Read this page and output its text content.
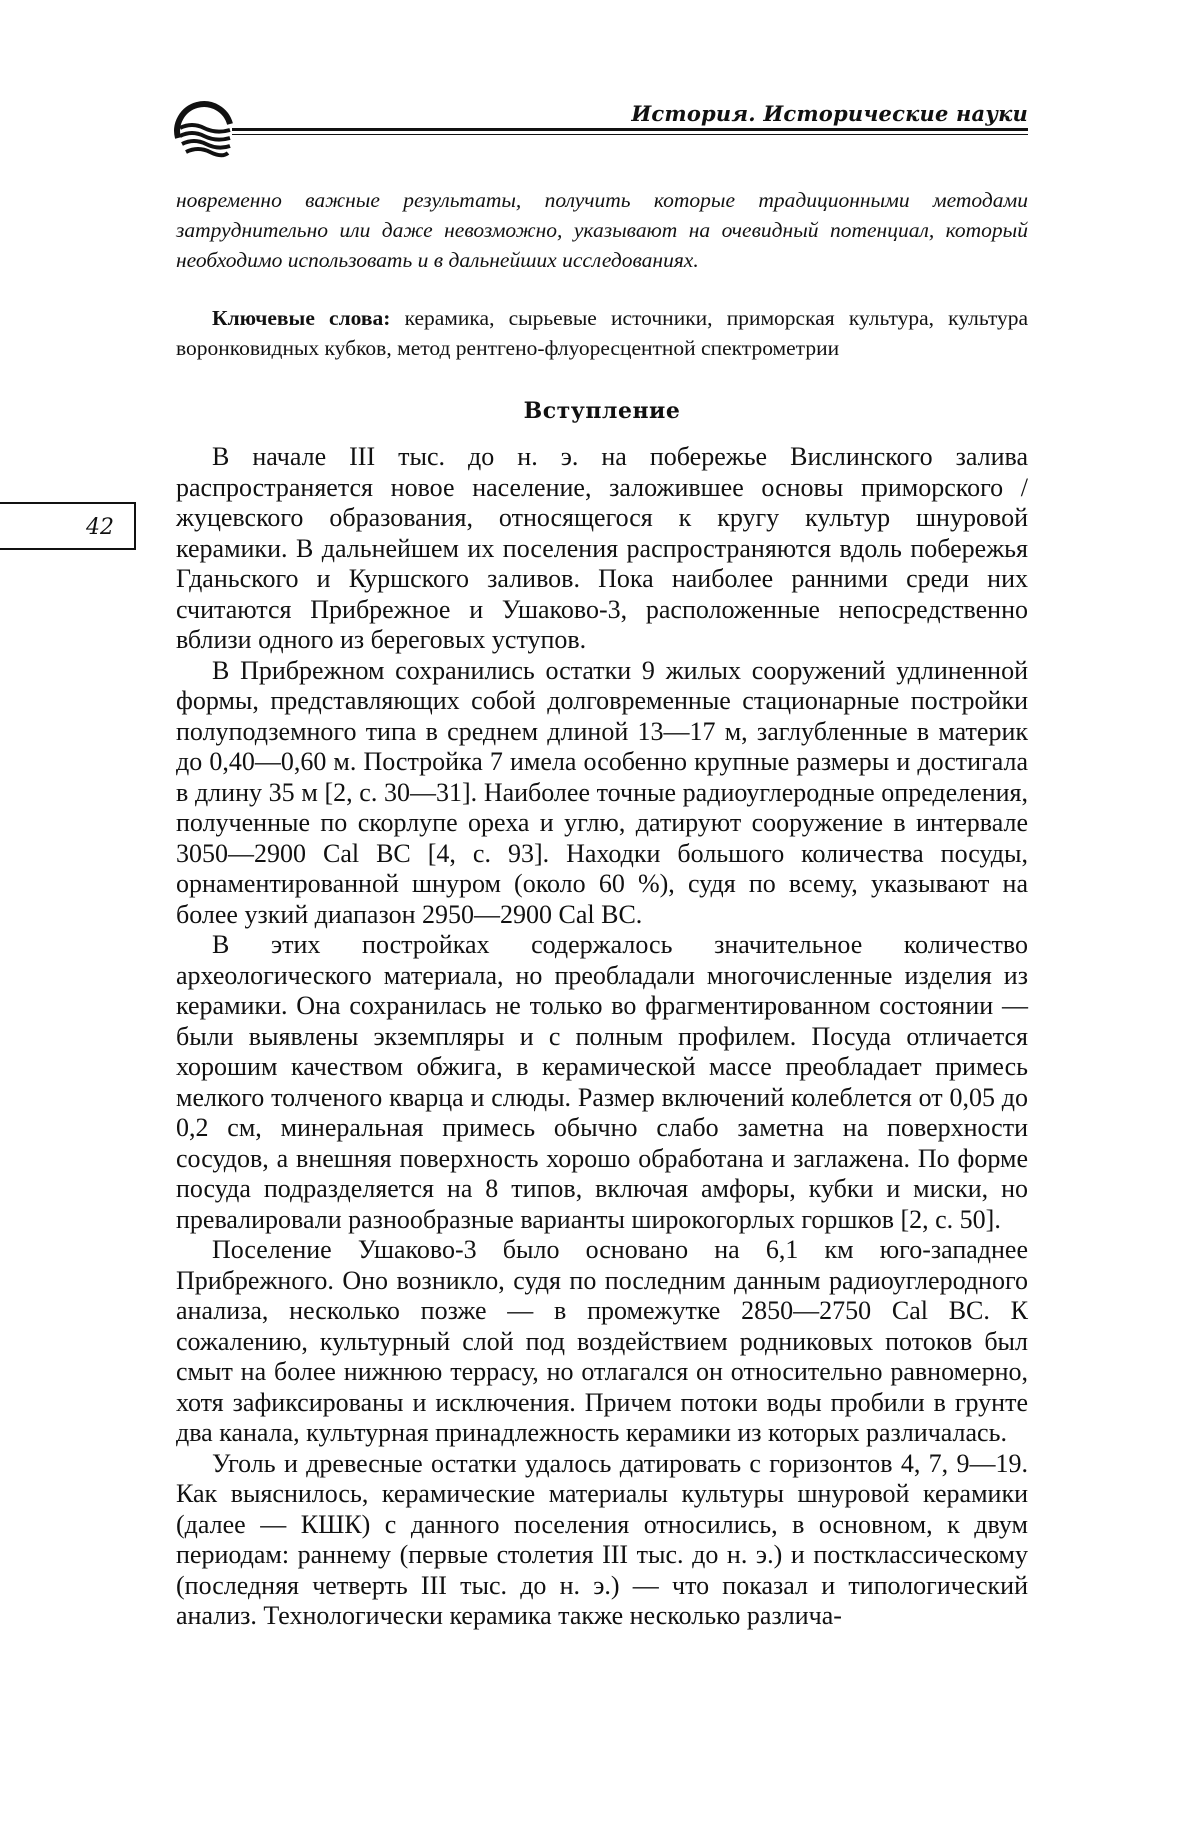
История. Исторические науки
42

новременно важные результаты, получить которые традиционными методами затруднительно или даже невозможно, указывают на очевидный потенциал, который необходимо использовать и в дальнейших исследованиях.

Ключевые слова: керамика, сырьевые источники, приморская культура, культура воронковидных кубков, метод рентгено-флуоресцентной спектрометрии

Вступление

В начале III тыс. до н. э. на побережье Вислинского залива распространяется новое население, заложившее основы приморского / жуцевского образования, относящегося к кругу культур шнуровой керамики. В дальнейшем их поселения распространяются вдоль побережья Гданьского и Куршского заливов. Пока наиболее ранними среди них считаются Прибрежное и Ушаково-3, расположенные непосредственно вблизи одного из береговых уступов.

В Прибрежном сохранились остатки 9 жилых сооружений удлиненной формы, представляющих собой долговременные стационарные постройки полуподземного типа в среднем длиной 13—17 м, заглубленные в материк до 0,40—0,60 м. Постройка 7 имела особенно крупные размеры и достигала в длину 35 м [2, с. 30—31]. Наиболее точные радиоуглеродные определения, полученные по скорлупе ореха и углю, датируют сооружение в интервале 3050—2900 Cal BC [4, с. 93]. Находки большого количества посуды, орнаментированной шнуром (около 60 %), судя по всему, указывают на более узкий диапазон 2950—2900 Cal BC.

В этих постройках содержалось значительное количество археологического материала, но преобладали многочисленные изделия из керамики. Она сохранилась не только во фрагментированном состоянии — были выявлены экземпляры и с полным профилем. Посуда отличается хорошим качеством обжига, в керамической массе преобладает примесь мелкого толченого кварца и слюды. Размер включений колеблется от 0,05 до 0,2 см, минеральная примесь обычно слабо заметна на поверхности сосудов, а внешняя поверхность хорошо обработана и заглажена. По форме посуда подразделяется на 8 типов, включая амфоры, кубки и миски, но превалировали разнообразные варианты широкогорлых горшков [2, с. 50].

Поселение Ушаково-3 было основано на 6,1 км юго-западнее Прибрежного. Оно возникло, судя по последним данным радиоуглеродного анализа, несколько позже — в промежутке 2850—2750 Cal BC. К сожалению, культурный слой под воздействием родниковых потоков был смыт на более нижнюю террасу, но отлагался он относительно равномерно, хотя зафиксированы и исключения. Причем потоки воды пробили в грунте два канала, культурная принадлежность керамики из которых различалась.

Уголь и древесные остатки удалось датировать с горизонтов 4, 7, 9—19. Как выяснилось, керамические материалы культуры шнуровой керамики (далее — КШК) с данного поселения относились, в основном, к двум периодам: раннему (первые столетия III тыс. до н. э.) и постклассическому (последняя четверть III тыс. до н. э.) — что показал и типологический анализ. Технологически керамика также несколько различа-
